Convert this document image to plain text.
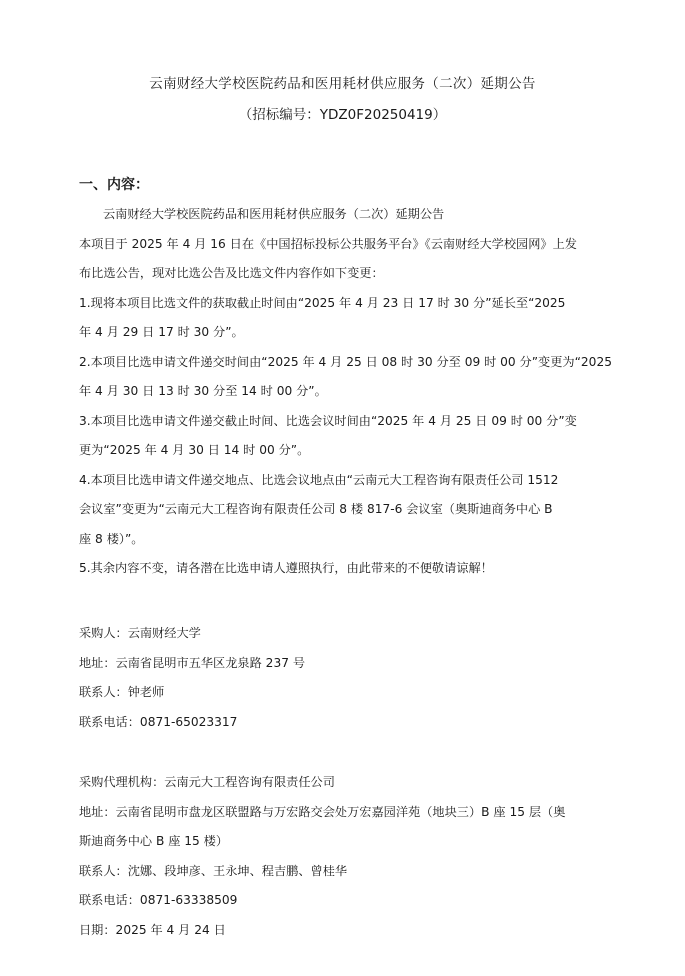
云南财经大学校医院药品和医用耗材供应服务（二次）延期公告
（招标编号：YDZ0F20250419）
一、内容：
云南财经大学校医院药品和医用耗材供应服务（二次）延期公告
本项目于 2025 年 4 月 16 日在《中国招标投标公共服务平台》《云南财经大学校园网》上发
布比选公告，现对比选公告及比选文件内容作如下变更：
1.现将本项目比选文件的获取截止时间由“2025 年 4 月 23 日 17 时 30 分”延长至“2025
年 4 月 29 日 17 时 30 分”。
2.本项目比选申请文件递交时间由“2025 年 4 月 25 日 08 时 30 分至 09 时 00 分”变更为“2025
年 4 月 30 日 13 时 30 分至 14 时 00 分”。
3.本项目比选申请文件递交截止时间、比选会议时间由“2025 年 4 月 25 日 09 时 00 分”变
更为“2025 年 4 月 30 日 14 时 00 分”。
4.本项目比选申请文件递交地点、比选会议地点由“云南元大工程咨询有限责任公司 1512
会议室”变更为“云南元大工程咨询有限责任公司 8 楼 817-6 会议室（奥斯迪商务中心 B
座 8 楼）”。
5.其余内容不变，请各潜在比选申请人遵照执行，由此带来的不便敬请谅解！
采购人：云南财经大学
地址：云南省昆明市五华区龙泉路 237 号
联系人：钟老师
联系电话：0871-65023317
采购代理机构：云南元大工程咨询有限责任公司
地址：云南省昆明市盘龙区联盟路与万宏路交会处万宏嘉园洋苑（地块三）B 座 15 层（奥
斯迪商务中心 B 座 15 楼）
联系人：沈娜、段坤彦、王永坤、程吉鹏、曾桂华
联系电话：0871-63338509
日期：2025 年 4 月 24 日
